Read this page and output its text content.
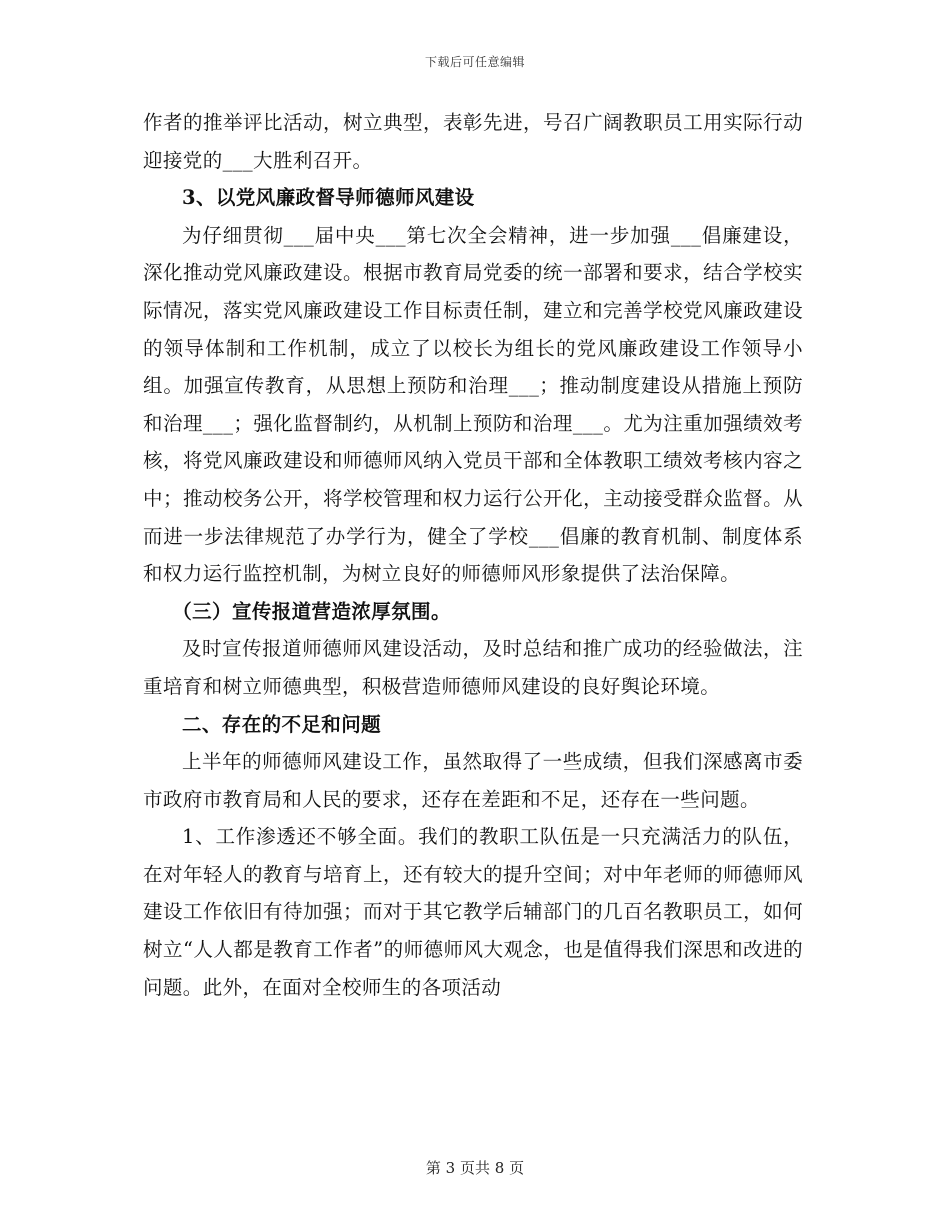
下载后可任意编辑

作者的推举评比活动，树立典型，表彰先进，号召广阔教职员工用实际行动迎接党的___大胜利召开。

3、以党风廉政督导师德师风建设

为仔细贯彻___届中央___第七次全会精神，进一步加强___倡廉建设，深化推动党风廉政建设。根据市教育局党委的统一部署和要求，结合学校实际情况，落实党风廉政建设工作目标责任制，建立和完善学校党风廉政建设的领导体制和工作机制，成立了以校长为组长的党风廉政建设工作领导小组。加强宣传教育，从思想上预防和治理___；推动制度建设从措施上预防和治理___；强化监督制约，从机制上预防和治理___。尤为注重加强绩效考核，将党风廉政建设和师德师风纳入党员干部和全体教职工绩效考核内容之中；推动校务公开，将学校管理和权力运行公开化，主动接受群众监督。从而进一步法律规范了办学行为，健全了学校___倡廉的教育机制、制度体系和权力运行监控机制，为树立良好的师德师风形象提供了法治保障。

（三）宣传报道营造浓厚氛围。

及时宣传报道师德师风建设活动，及时总结和推广成功的经验做法，注重培育和树立师德典型，积极营造师德师风建设的良好舆论环境。

二、存在的不足和问题

上半年的师德师风建设工作，虽然取得了一些成绩，但我们深感离市委市政府市教育局和人民的要求，还存在差距和不足，还存在一些问题。

1、工作渗透还不够全面。我们的教职工队伍是一只充满活力的队伍，在对年轻人的教育与培育上，还有较大的提升空间；对中年老师的师德师风建设工作依旧有待加强；而对于其它教学后辅部门的几百名教职员工，如何树立“人人都是教育工作者”的师德师风大观念，也是值得我们深思和改进的问题。此外，在面对全校师生的各项活动

第 3 页共 8 页
